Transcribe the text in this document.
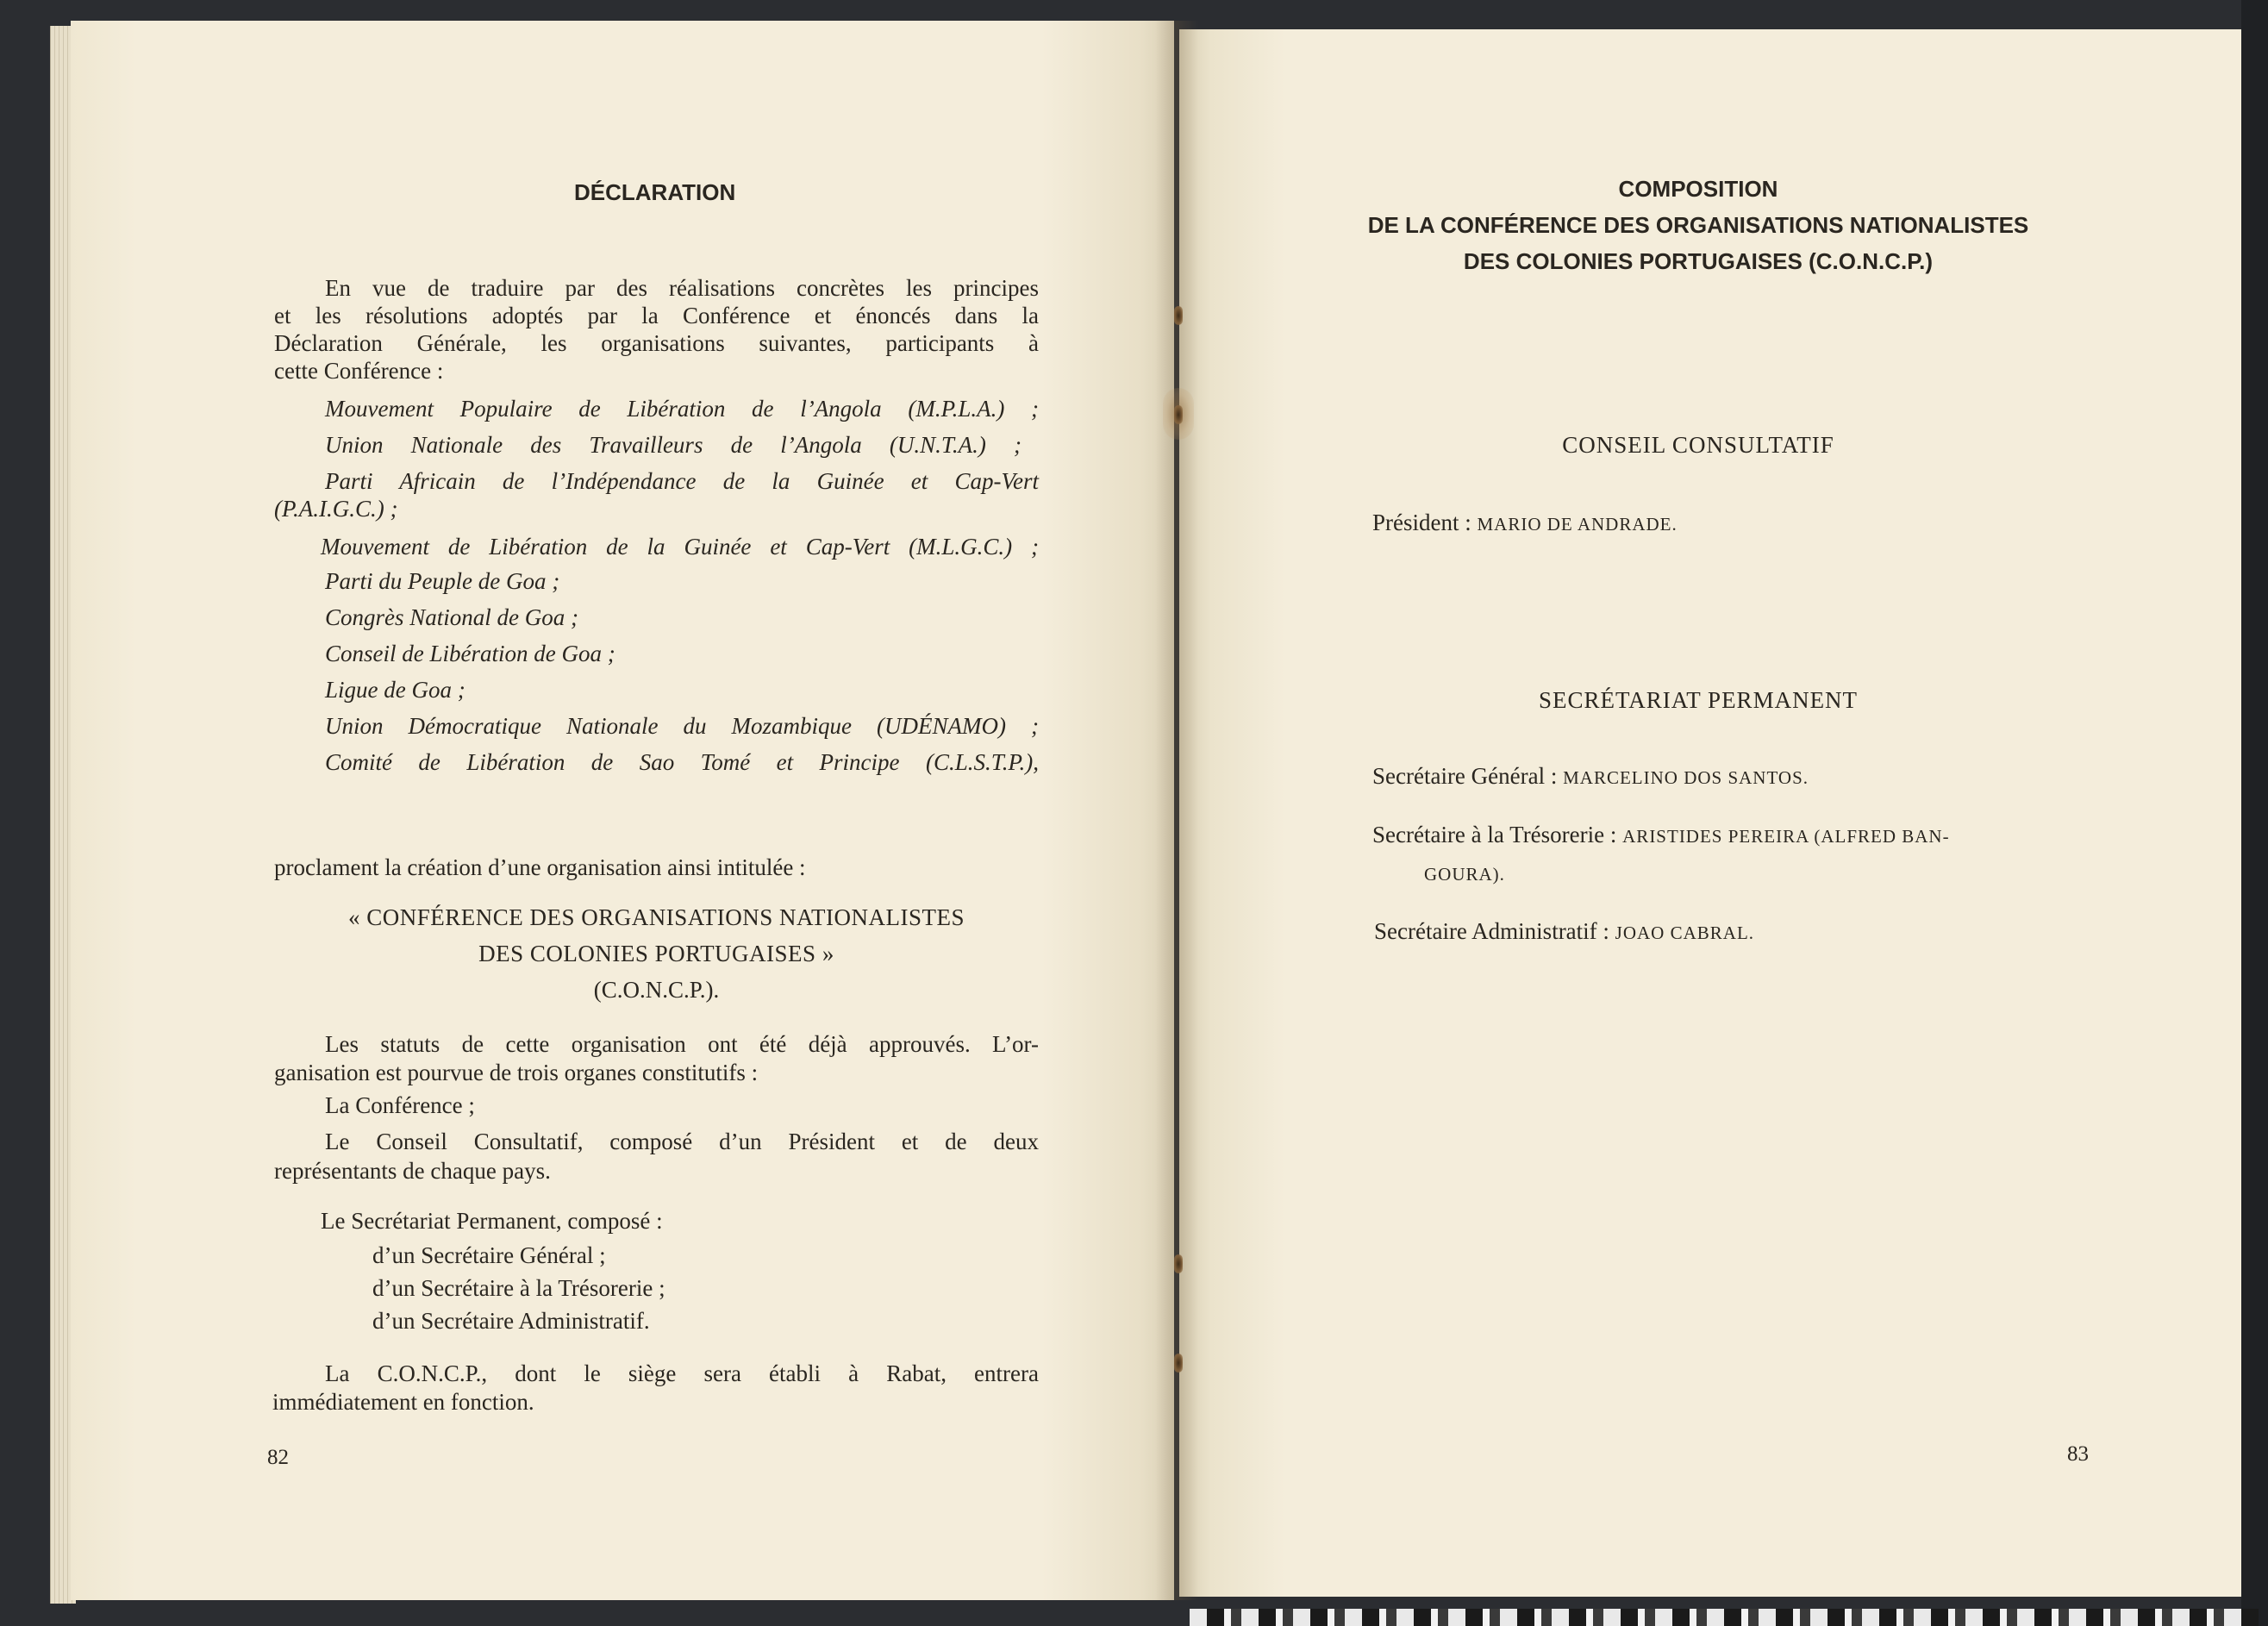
DÉCLARATION
En vue de traduire par des réalisations concrètes les principes
et les résolutions adoptés par la Conférence et énoncés dans la
Déclaration Générale, les organisations suivantes, participants à
cette Conférence :
Mouvement Populaire de Libération de l’Angola (M.P.L.A.) ;
Union Nationale des Travailleurs de l’Angola (U.N.T.A.) ;
Parti Africain de l’Indépendance de la Guinée et Cap-Vert
(P.A.I.G.C.) ;
Mouvement de Libération de la Guinée et Cap-Vert (M.L.G.C.) ;
Parti du Peuple de Goa ;
Congrès National de Goa ;
Conseil de Libération de Goa ;
Ligue de Goa ;
Union Démocratique Nationale du Mozambique (UDÉNAMO) ;
Comité de Libération de Sao Tomé et Principe (C.L.S.T.P.),
proclament la création d’une organisation ainsi intitulée :
« CONFÉRENCE DES ORGANISATIONS NATIONALISTES
DES COLONIES PORTUGAISES »
(C.O.N.C.P.).
Les statuts de cette organisation ont été déjà approuvés. L’or-
ganisation est pourvue de trois organes constitutifs :
La Conférence ;
Le Conseil Consultatif, composé d’un Président et de deux
représentants de chaque pays.
Le Secrétariat Permanent, composé :
d’un Secrétaire Général ;
d’un Secrétaire à la Trésorerie ;
d’un Secrétaire Administratif.
La C.O.N.C.P., dont le siège sera établi à Rabat, entrera
immédiatement en fonction.
82
COMPOSITION
DE LA CONFÉRENCE DES ORGANISATIONS NATIONALISTES
DES COLONIES PORTUGAISES (C.O.N.C.P.)
CONSEIL CONSULTATIF
Président : MARIO DE ANDRADE.
SECRÉTARIAT PERMANENT
Secrétaire Général : MARCELINO DOS SANTOS.
Secrétaire à la Trésorerie : ARISTIDES PEREIRA (ALFRED BAN-
GOURA).
Secrétaire Administratif : JOAO CABRAL.
83
